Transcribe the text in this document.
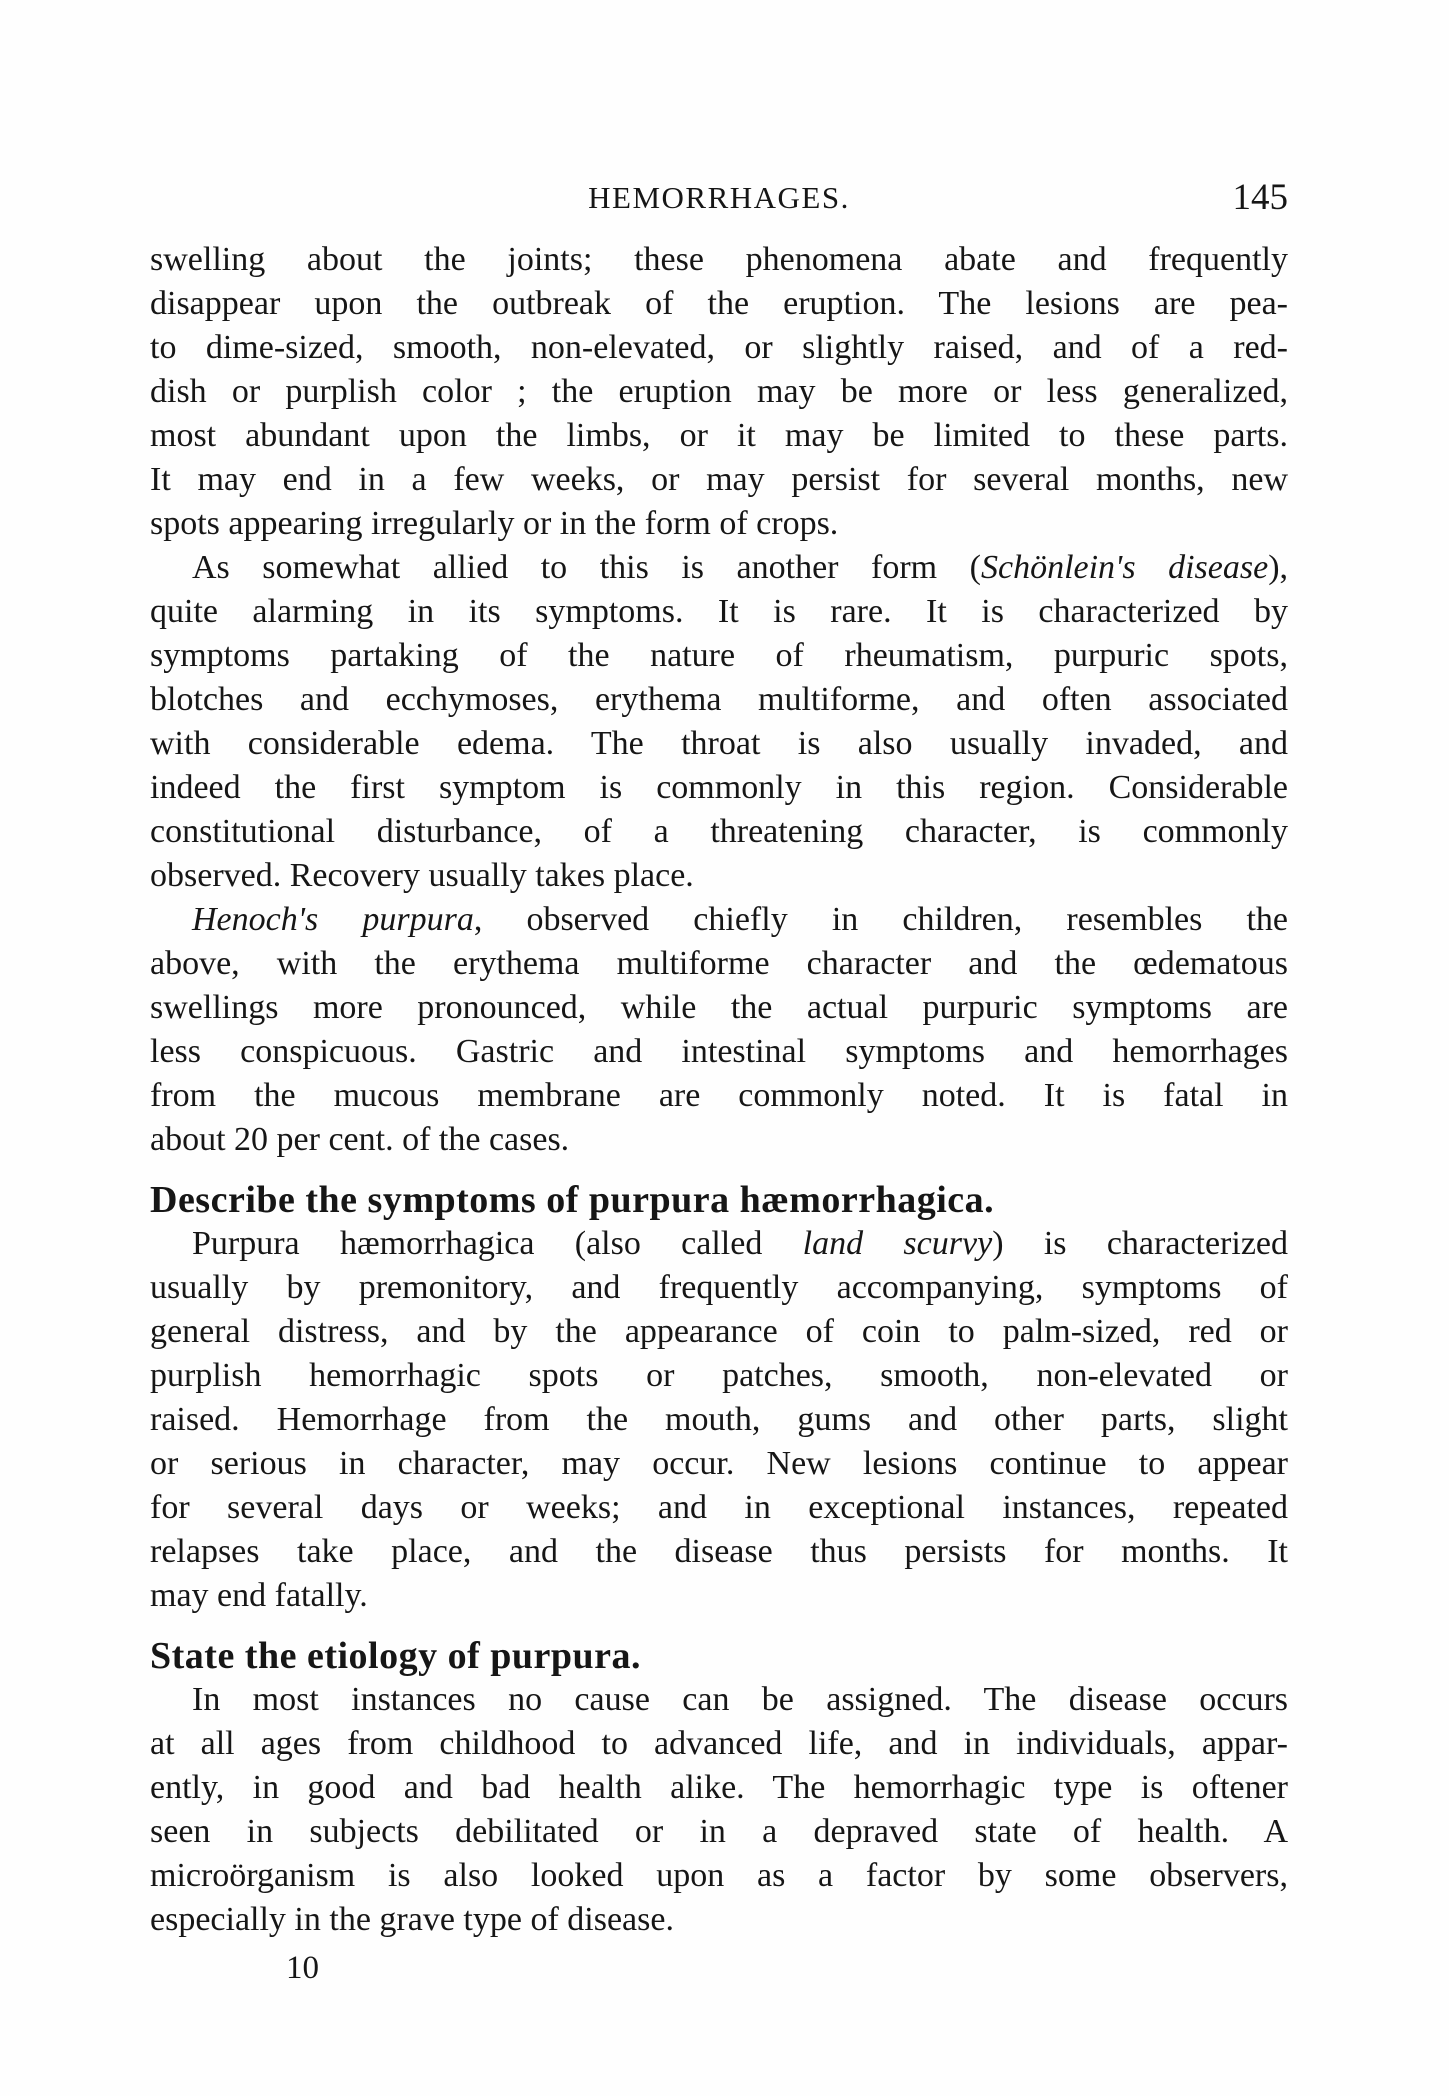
HEMORRHAGES.	145
swelling about the joints; these phenomena abate and frequently
disappear upon the outbreak of the eruption. The lesions are pea-
to dime-sized, smooth, non-elevated, or slightly raised, and of a red-
dish or purplish color ; the eruption may be more or less generalized,
most abundant upon the limbs, or it may be limited to these parts.
It may end in a few weeks, or may persist for several months, new
spots appearing irregularly or in the form of crops.
As somewhat allied to this is another form (Schönlein's disease),
quite alarming in its symptoms. It is rare. It is characterized by
symptoms partaking of the nature of rheumatism, purpuric spots,
blotches and ecchymoses, erythema multiforme, and often associated
with considerable edema. The throat is also usually invaded, and
indeed the first symptom is commonly in this region. Considerable
constitutional disturbance, of a threatening character, is commonly
observed. Recovery usually takes place.
Henoch's purpura, observed chiefly in children, resembles the
above, with the erythema multiforme character and the œdematous
swellings more pronounced, while the actual purpuric symptoms are
less conspicuous. Gastric and intestinal symptoms and hemorrhages
from the mucous membrane are commonly noted. It is fatal in
about 20 per cent. of the cases.
Describe the symptoms of purpura hæmorrhagica.
Purpura hæmorrhagica (also called land scurvy) is characterized
usually by premonitory, and frequently accompanying, symptoms of
general distress, and by the appearance of coin to palm-sized, red or
purplish hemorrhagic spots or patches, smooth, non-elevated or
raised. Hemorrhage from the mouth, gums and other parts, slight
or serious in character, may occur. New lesions continue to appear
for several days or weeks; and in exceptional instances, repeated
relapses take place, and the disease thus persists for months. It
may end fatally.
State the etiology of purpura.
In most instances no cause can be assigned. The disease occurs
at all ages from childhood to advanced life, and in individuals, appar-
ently, in good and bad health alike. The hemorrhagic type is oftener
seen in subjects debilitated or in a depraved state of health. A
microörganism is also looked upon as a factor by some observers,
especially in the grave type of disease.
10
